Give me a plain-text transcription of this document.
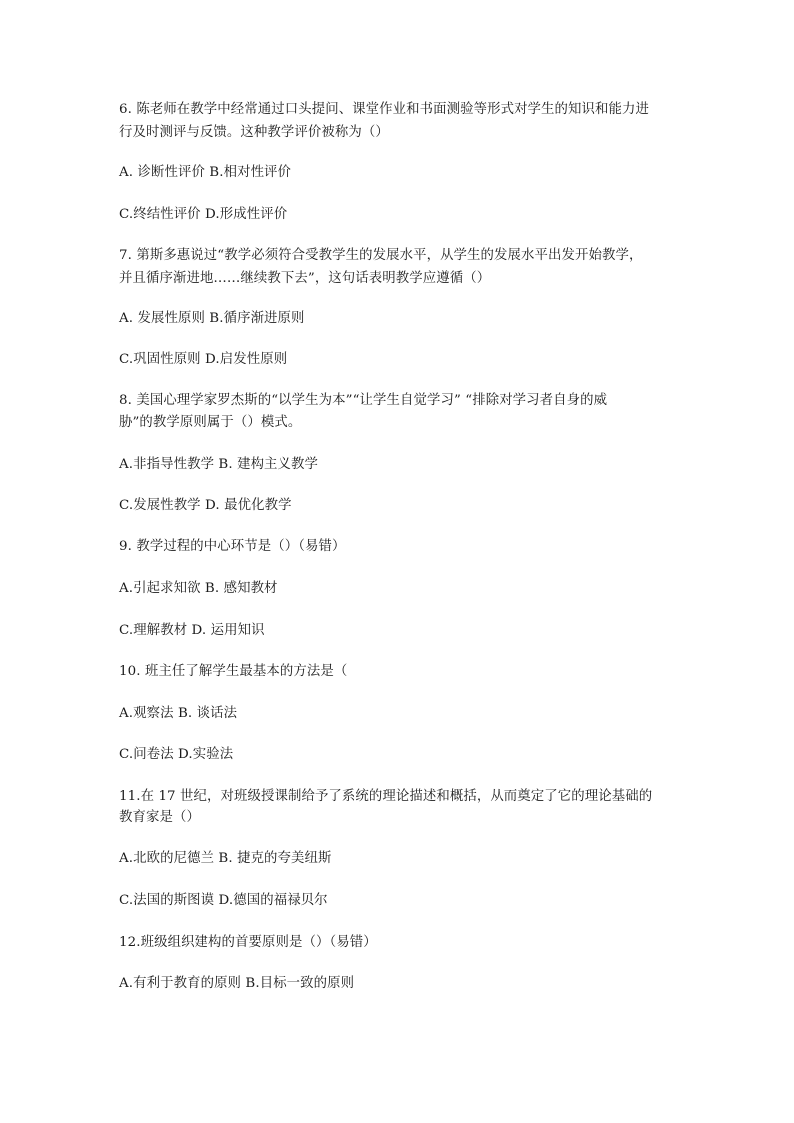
6. 陈老师在教学中经常通过口头提问、课堂作业和书面测验等形式对学生的知识和能力进
行及时测评与反馈。这种教学评价被称为（）
A. 诊断性评价 B.相对性评价
C.终结性评价 D.形成性评价
7. 第斯多惠说过“教学必须符合受教学生的发展水平，从学生的发展水平出发开始教学，
并且循序渐进地……继续教下去”，这句话表明教学应遵循（）
A. 发展性原则 B.循序渐进原则
C.巩固性原则 D.启发性原则
8. 美国心理学家罗杰斯的“以学生为本”“让学生自觉学习” “排除对学习者自身的威
胁”的教学原则属于（）模式。
A.非指导性教学 B. 建构主义教学
C.发展性教学 D. 最优化教学
9. 教学过程的中心环节是（）（易错）
A.引起求知欲 B. 感知教材
C.理解教材 D. 运用知识
10. 班主任了解学生最基本的方法是（
A.观察法 B. 谈话法
C.问卷法 D.实验法
11.在 17 世纪，对班级授课制给予了系统的理论描述和概括，从而奠定了它的理论基础的
教育家是（）
A.北欧的尼德兰 B. 捷克的夸美纽斯
C.法国的斯图谟 D.德国的福禄贝尔
12.班级组织建构的首要原则是（）（易错）
A.有利于教育的原则 B.目标一致的原则
